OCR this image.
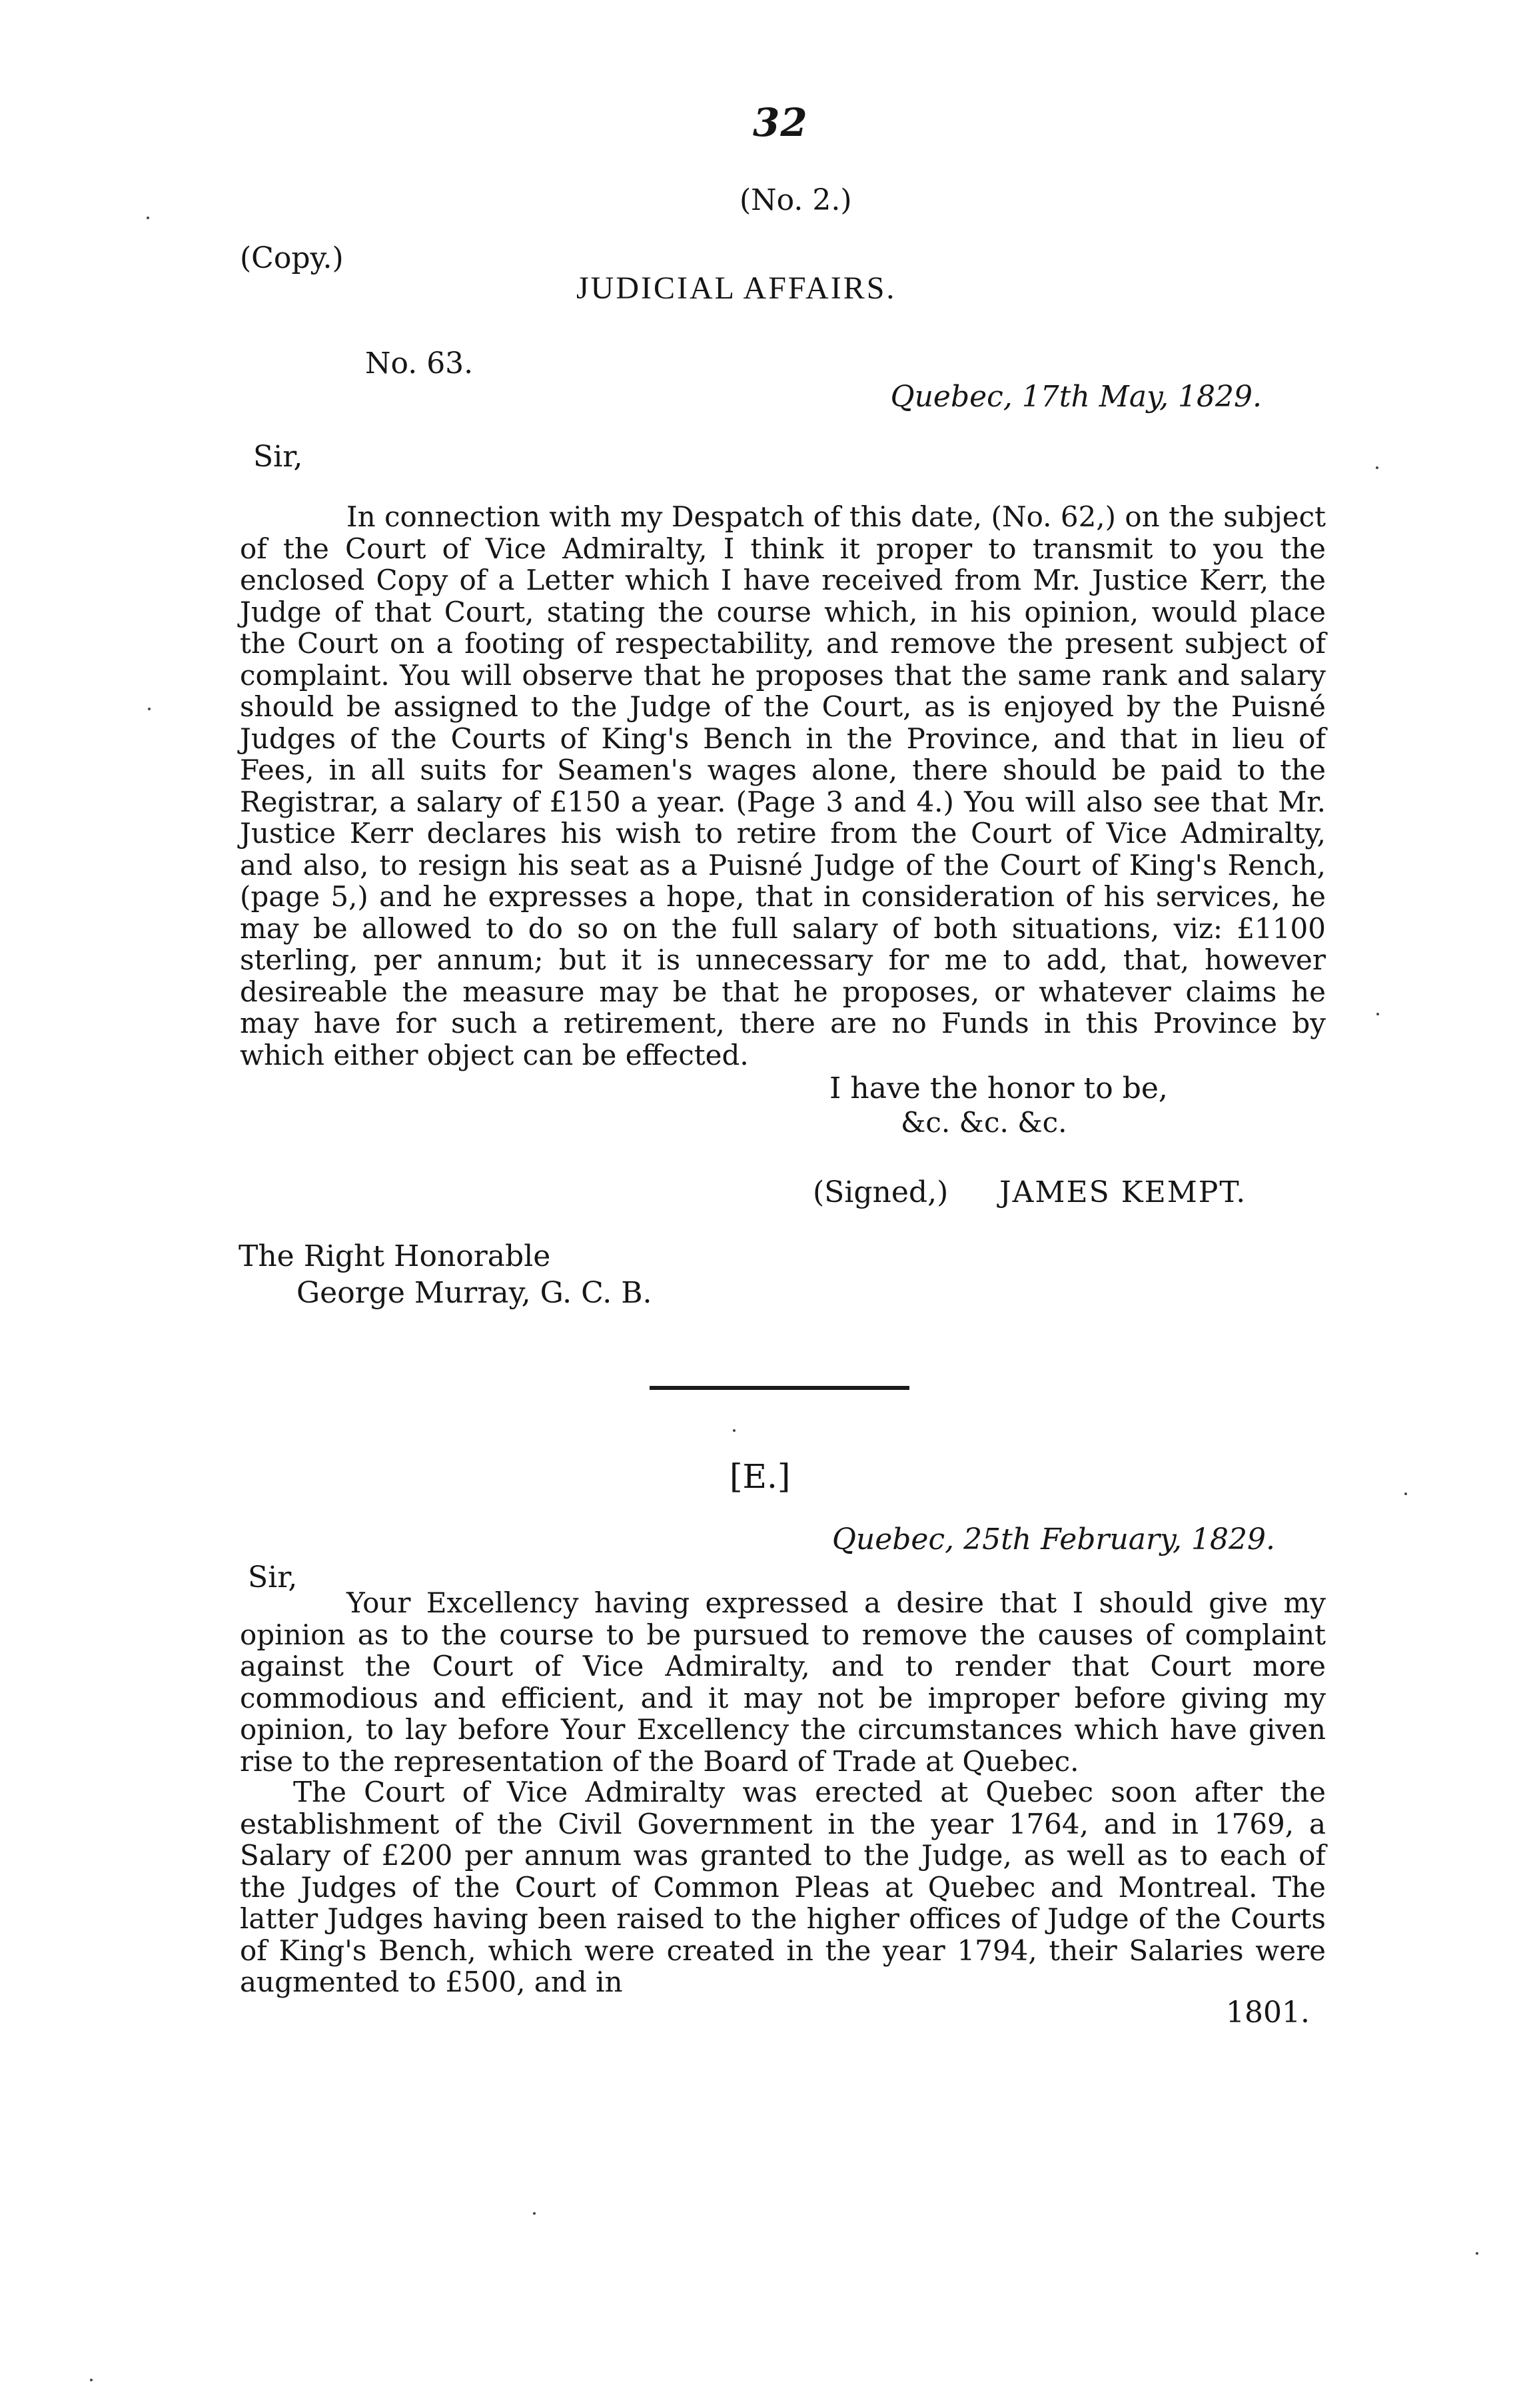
32
(No. 2.)
(Copy.)
JUDICIAL AFFAIRS.
No. 63.
Quebec, 17th May, 1829.
Sir,

In connection with my Despatch of this date, (No. 62,) on the subject of the Court of Vice Admiralty, I think it proper to transmit to you the enclosed Copy of a Letter which I have received from Mr. Justice Kerr, the Judge of that Court, stating the course which, in his opinion, would place the Court on a footing of respectability, and remove the present subject of complaint. You will observe that he proposes that the same rank and salary should be assigned to the Judge of the Court, as is enjoyed by the Puisné Judges of the Courts of King's Bench in the Province, and that in lieu of Fees, in all suits for Seamen's wages alone, there should be paid to the Registrar, a salary of £150 a year. (Page 3 and 4.) You will also see that Mr. Justice Kerr declares his wish to retire from the Court of Vice Admiralty, and also, to resign his seat as a Puisné Judge of the Court of King's Rench, (page 5,) and he expresses a hope, that in consideration of his services, he may be allowed to do so on the full salary of both situations, viz: £1100 sterling, per annum; but it is unnecessary for me to add, that, however desireable the measure may be that he proposes, or whatever claims he may have for such a retirement, there are no Funds in this Province by which either object can be effected.

I have the honor to be,
&c. &c. &c.
(Signed,) JAMES KEMPT.
The Right Honorable
George Murray, G. C. B.
[E.]
Quebec, 25th February, 1829.
Sir,

Your Excellency having expressed a desire that I should give my opinion as to the course to be pursued to remove the causes of complaint against the Court of Vice Admiralty, and to render that Court more commodious and efficient, and it may not be improper before giving my opinion, to lay before Your Excellency the circumstances which have given rise to the representation of the Board of Trade at Quebec.

The Court of Vice Admiralty was erected at Quebec soon after the establishment of the Civil Government in the year 1764, and in 1769, a Salary of £200 per annum was granted to the Judge, as well as to each of the Judges of the Court of Common Pleas at Quebec and Montreal. The latter Judges having been raised to the higher offices of Judge of the Courts of King's Bench, which were created in the year 1794, their Salaries were augmented to £500, and in

1801.
